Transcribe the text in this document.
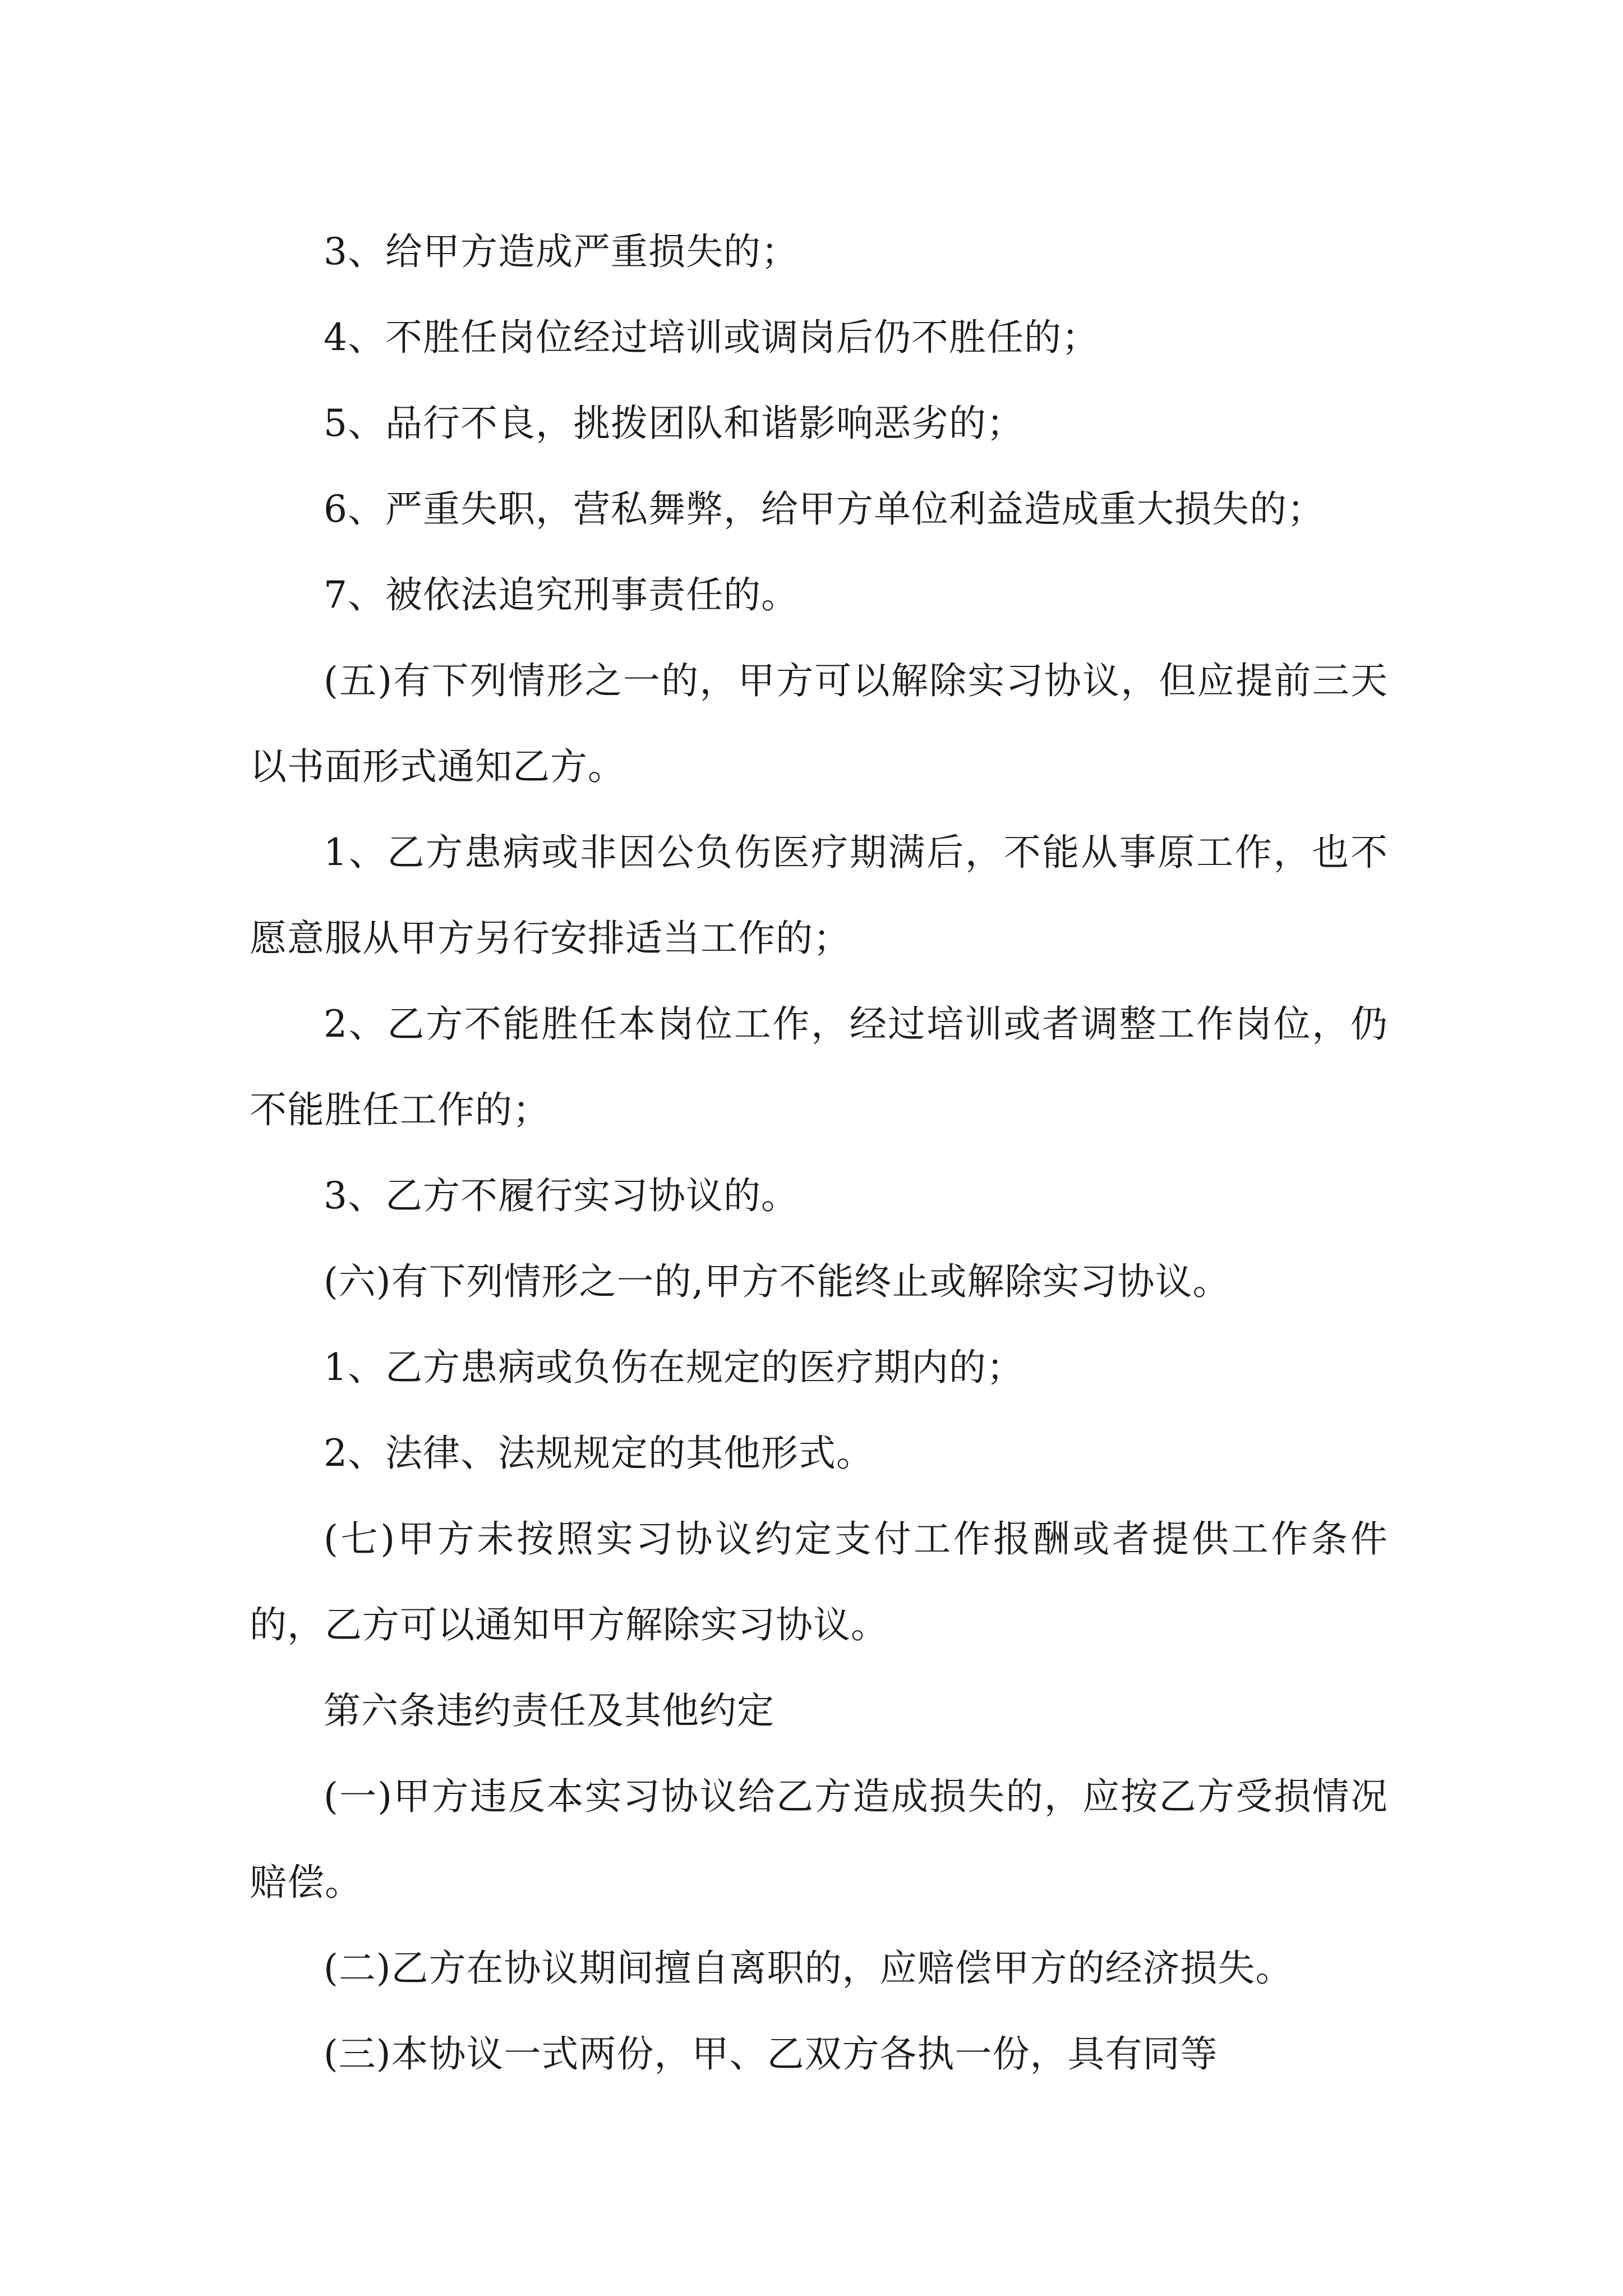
3、给甲方造成严重损失的；

4、不胜任岗位经过培训或调岗后仍不胜任的；

5、品行不良，挑拨团队和谐影响恶劣的；

6、严重失职，营私舞弊，给甲方单位利益造成重大损失的；

7、被依法追究刑事责任的。

(五)有下列情形之一的，甲方可以解除实习协议，但应提前三天以书面形式通知乙方。

1、乙方患病或非因公负伤医疗期满后，不能从事原工作，也不愿意服从甲方另行安排适当工作的；

2、乙方不能胜任本岗位工作，经过培训或者调整工作岗位，仍不能胜任工作的；

3、乙方不履行实习协议的。

(六)有下列情形之一的,甲方不能终止或解除实习协议。

1、乙方患病或负伤在规定的医疗期内的；

2、法律、法规规定的其他形式。

(七)甲方未按照实习协议约定支付工作报酬或者提供工作条件的，乙方可以通知甲方解除实习协议。

第六条违约责任及其他约定

(一)甲方违反本实习协议给乙方造成损失的，应按乙方受损情况赔偿。

(二)乙方在协议期间擅自离职的，应赔偿甲方的经济损失。

(三)本协议一式两份，甲、乙双方各执一份，具有同等
